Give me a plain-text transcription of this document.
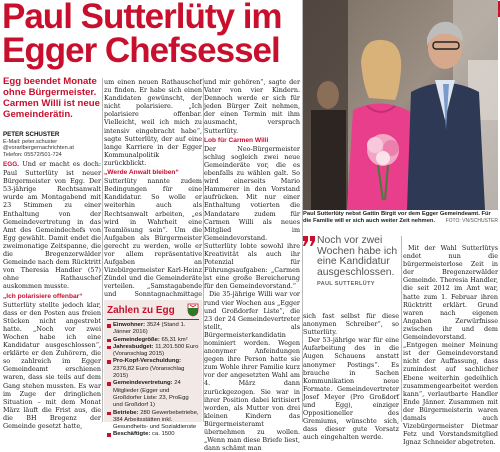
Paul Sutterlüty im
Egger Chefsessel
Egg beendet Monate ohne Bürgermeister. Carmen Willi ist neue Gemeinderätin.
PETER SCHUSTER
E-Mail: peter.schuster
@vorarlbergernachrichten.at
Telefon: 05572/501-724

EGG. Und er macht es doch: Paul Sutterlüty ist neuer Bürgermeister von Egg. Der 53-jährige Rechtsanwalt wurde am Montagabend mit 23 Stimmen zu einer Enthaltung von der Gemeindevertretung in das Amt des Gemeindechefs von Egg gewählt. Damit endet die zweimonatige Zeitspanne, die die Bregenzerwälder Gemeinde nach dem Rücktritt von Theresia Handler (57) ohne Rathauschef auskommen musste.

„Ich polarisiere offenbar“

Sutterlüty stellte jedoch klar, dass er den Posten aus freien Stücken nicht angestrebt hatte. „Noch vor zwei Wochen habe ich eine Kandidatur ausgeschlossen“, erklärte er den Zuhörern, die so zahlreich im Egger Gemeindeamt erschienen waren, dass sie teils auf dem Gang stehen mussten. Es war im Zuge der dringlichen Situation – mit dem Monat März läuft die Frist aus, die die BH Bregenz der Gemeinde gesetzt hatte,

um einen neuen Rathauschef zu finden. Er habe sich einen Kandidaten gewünscht, der nicht polarisiere. „Ich polarisiere offenbar. Vielleicht, weil ich mich zu intensiv eingebracht habe“, sagte Sutterlüty, der auf eine lange Karriere in der Egger Kommunalpolitik zurückblickt.

„Werde Anwalt bleiben“

Sutterlüty nannte zudem Bedingungen für eine Kandidatur. So wolle er weiterhin auch als Rechtsanwalt arbeiten, „es wird in Wahrheit eine Teamlösung sein“. Um die Aufgaben als Bürgermeister gerecht zu werden, wolle er vor allem repräsentative Aufgaben an Vizebürgermeister Karl-Heinz Zündel und die Gemeinderäte verteilen. „Samstagabende und Sonntagnachmittage

Zahlen zu Egg
Einwohner: 3524 (Stand 1. Jänner 2016)
Gemeindegröße: 65,31 km²
Jahresbudget: 11.201.500 Euro (Voranschlag 2015)
Pro-Kopf-Verschuldung: 2376,82 Euro (Voranschlag 2015)
Gemeindevertretung: 24 Mitglieder (Egger und Großdorfer Liste: 23, ProEgg und Großdorf 1)
Betriebe: 280 Gewerbebetriebe, 384 Arbeitsstätten inkl. Gesundheits- und Sozialdienste
Beschäftigte: ca. 1500

und mir gehören“, sagte der Vater von vier Kindern. Dennoch werde er sich für jeden Bürger Zeit nehmen, der einen Termin mit ihm ausmacht, versprach Sutterlüty.

Lob für Carmen Willi

Der Neo-Bürgermeister schlug sogleich zwei neue Gemeinderäte vor, die es ebenfalls zu wählen galt. So wird einerseits Mario Hammerer in den Vorstand aufrücken. Mit nur einer Enthaltung votierten die Mandatare zudem für Carmen Willi als neues Mitglied im Gemeindevorstand. Sutterlüty lobte sowohl ihre Kreativität als auch ihr Potenzial für Führungsaufgaben: „Carmen ist eine große Bereicherung für den Gemeindevorstand.“

Die 35-jährige Willi war vor rund vier Wochen aus „Egger und Großdorfer Liste“, die 23 der 24 Gemeindevertreter stellt, als Bürgermeisterkandidatin nominiert worden. Wegen anonymer Anfeindungen gegen ihre Person hatte sie zum Wohle ihrer Familie kurz vor der angesetzten Wahl am 4. März dann zurückgezogen. Sie war in ihrer Position dabei kritisiert worden, als Mutter von drei kleinen Kindern das Bürgermeisteramt übernehmen zu wollen. „Wenn man diese Briefe liest, dann schämt man

Paul Sutterlüty nebst Gattin Birgit vor dem Egger Gemeindeamt. Für die Familie will er sich auch weiter Zeit nehmen. FOTO: VN/SCHUSTER
Noch vor zwei Wochen habe ich eine Kandidatur ausgeschlossen.
PAUL SUTTERLÜTY

sich fast selbst für diese anonymen Schreiber“, so Sutterlüty.

Der 53-jährige war für eine Aufarbeitung des in die Augen Schauens anstatt anonymer Postings“. Es brauche in Sachen Kommunikation neue Formate. Gemeindevertreter Josef Meyer (Pro Großdorf und Egg), einziger Oppositioneller des Gremiums, wünschte sich, dass dieser gute Vorsatz auch eingehalten werde.

Mit der Wahl Sutterlütys endet nun die bürgermeisterlose Zeit in der Bregenzerwälder Gemeinde. Theresia Handler, die seit 2012 im Amt war, hatte zum 1. Februar ihren Rücktritt erklärt. Grund waren nach eigenen Angaben Zerwürfnisse zwischen ihr und dem Gemeindevorstand. „Entgegen meiner Meinung ist der Gemeindevorstand nicht der Auffassung, dass zumindest auf sachlicher Ebene weiterhin gedeihlich zusammengearbeitet werden kann“, verlautbarte Handler Ende Jänner. Zusammen mit der Bürgermeisterin waren damals auch Vizebürgermeister Dietmar Fetz und Vorstandsmitglied Ignaz Schneider abgetreten.
